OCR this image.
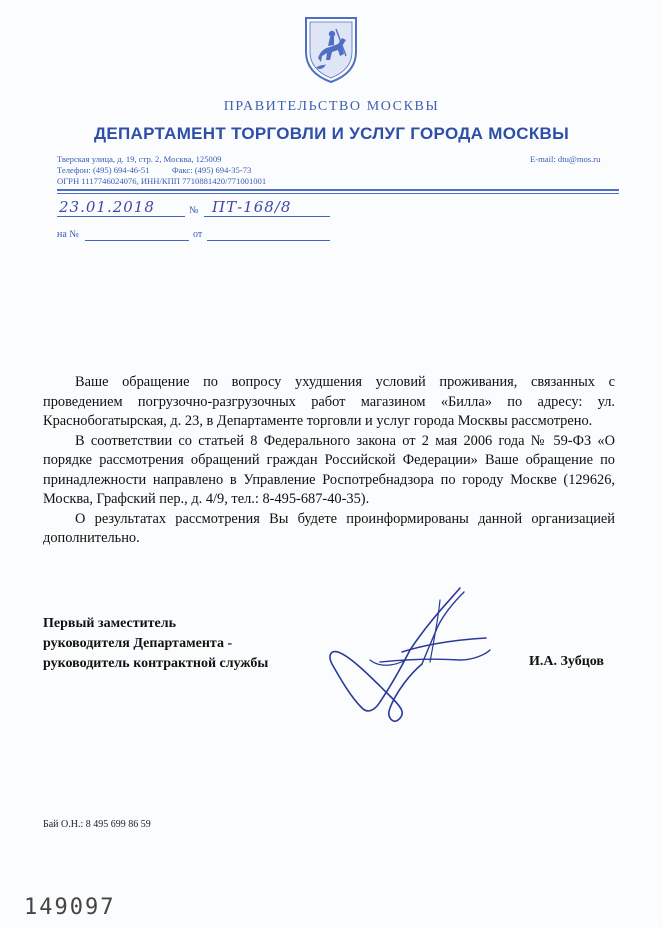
ПРАВИТЕЛЬСТВО МОСКВЫ
ДЕПАРТАМЕНТ ТОРГОВЛИ И УСЛУГ ГОРОДА МОСКВЫ
Тверская улица, д. 19, стр. 2, Москва, 125009
Телефон: (495) 694-46-51	Факс: (495) 694-35-73
ОГРН 1117746024076, ИНН/КПП 7710881420/771001001
E-mail: dtu@mos.ru
23.01.2018	№ ПТ-168/8
на №	от

Ваше обращение по вопросу ухудшения условий проживания, связанных с проведением погрузочно-разгрузочных работ магазином «Билла» по адресу: ул. Краснобогатырская, д. 23, в Департаменте торговли и услуг города Москвы рассмотрено.

В соответствии со статьей 8 Федерального закона от 2 мая 2006 года № 59-ФЗ «О порядке рассмотрения обращений граждан Российской Федерации» Ваше обращение по принадлежности направлено в Управление Роспотребнадзора по городу Москве (129626, Москва, Графский пер., д. 4/9, тел.: 8-495-687-40-35).

О результатах рассмотрения Вы будете проинформированы данной организацией дополнительно.

Первый заместитель
руководителя Департамента -
руководитель контрактной службы	И.А. Зубцов
Бай О.Н.: 8 495 699 86 59
149097
